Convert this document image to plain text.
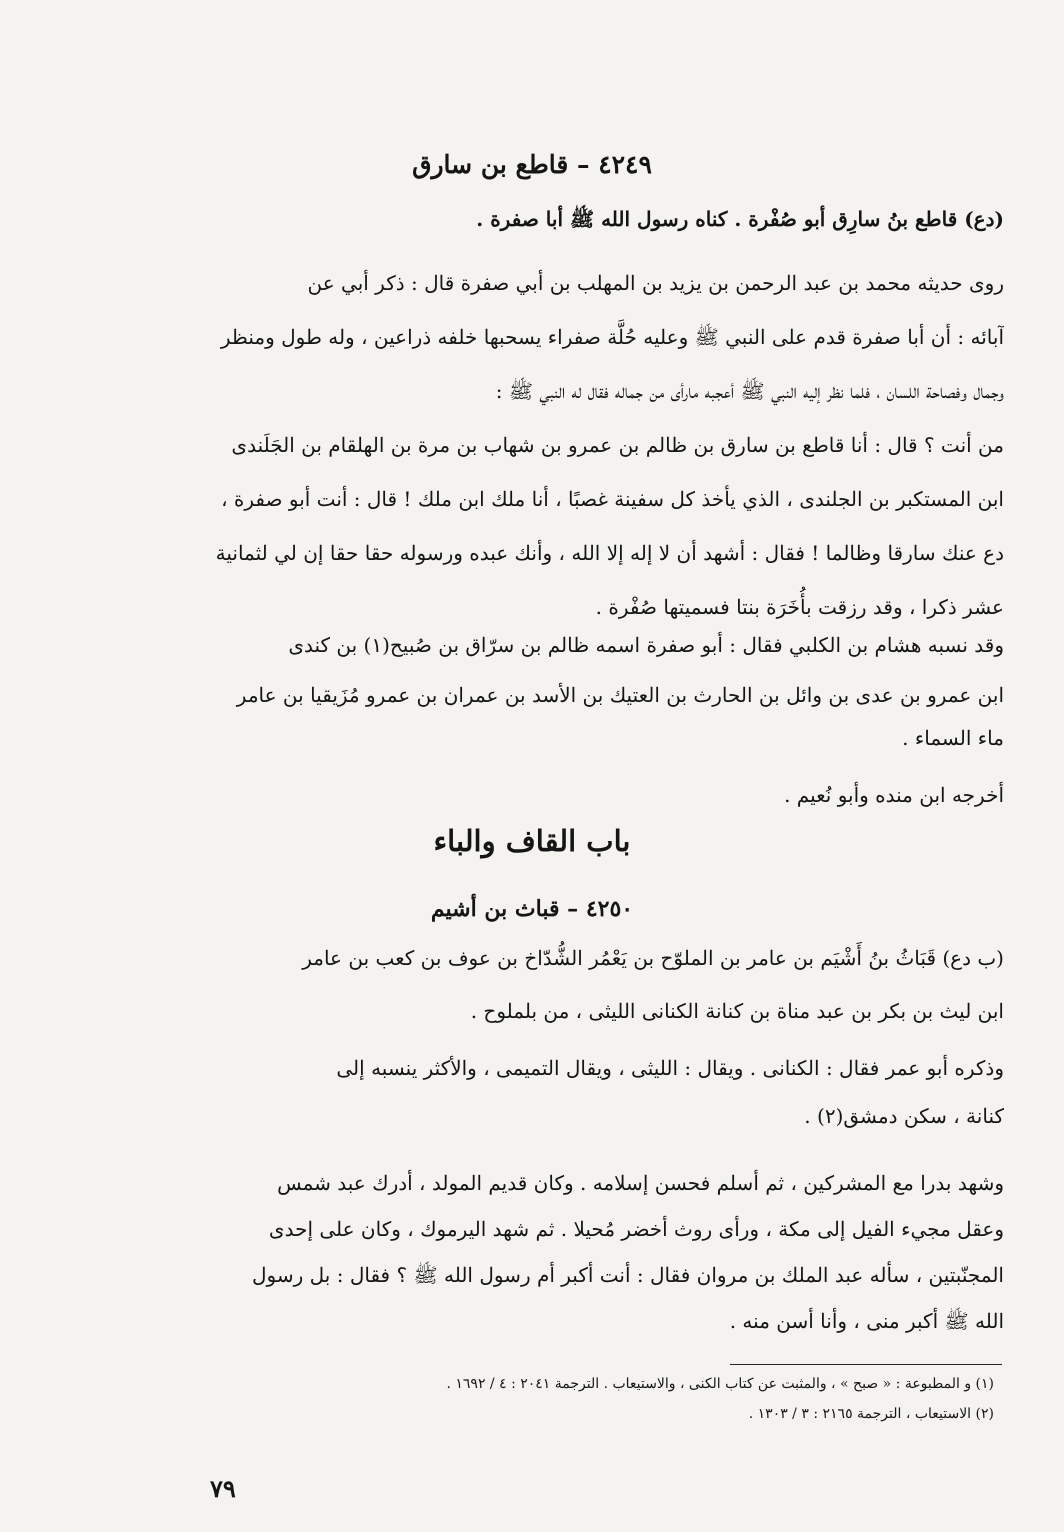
٤٢٤٩ – قاطع بن سارق
(دع) قاطع بنُ سارِق أبو صُفْرة . كناه رسول الله ﷺ أبا صفرة .
روى حديثه محمد بن عبد الرحمن بن يزيد بن المهلب بن أبي صفرة قال : ذكر أبي عن
آبائه : أن أبا صفرة قدم على النبي ﷺ وعليه حُلَّة صفراء يسحبها خلفه ذراعين ، وله طول ومنظر
وجمال وفصاحة اللسان ، فلما نظر إليه النبي ﷺ أعجبه مارأى من جماله فقال له النبي ﷺ :
من أنت ؟ قال : أنا قاطع بن سارق بن ظالم بن عمرو بن شهاب بن مرة بن الهلقام بن الجَلَندى
ابن المستكبر بن الجلندى ، الذي يأخذ كل سفينة غصبًا ، أنا ملك ابن ملك ! قال : أنت أبو صفرة ،
دع عنك سارقا وظالما ! فقال : أشهد أن لا إله إلا الله ، وأنك عبده ورسوله حقا حقا إن لي لثمانية
عشر ذكرا ، وقد رزقت بأُخَرَة بنتا فسميتها صُفْرة .
وقد نسبه هشام بن الكلبي فقال : أبو صفرة اسمه ظالم بن سرّاق بن صُبيح(١) بن كندى
ابن عمرو بن عدى بن وائل بن الحارث بن العتيك بن الأسد بن عمران بن عمرو مُزَيقيا بن عامر
ماء السماء .
أخرجه ابن منده وأبو نُعيم .
باب القاف والباء
٤٢٥٠ – قباث بن أشيم
(ب دع) قَبَاثُ بنُ أَشْيَم بن عامر بن الملوّح بن يَعْمُر الشُّدّاخ بن عوف بن كعب بن عامر
ابن ليث بن بكر بن عبد مناة بن كنانة الكنانى الليثى ، من بلملوح .
وذكره أبو عمر فقال : الكنانى . ويقال : الليثى ، ويقال التميمى ، والأكثر ينسبه إلى
كنانة ، سكن دمشق(٢) .
وشهد بدرا مع المشركين ، ثم أسلم فحسن إسلامه . وكان قديم المولد ، أدرك عبد شمس
وعقل مجيء الفيل إلى مكة ، ورأى روث أخضر مُحيلا . ثم شهد اليرموك ، وكان على إحدى
المجنّبتين ، سأله عبد الملك بن مروان فقال : أنت أكبر أم رسول الله ﷺ ؟ فقال : بل رسول
الله ﷺ أكبر منى ، وأنا أسن منه .
(١) و المطبوعة : « صبح » ، والمثبت عن كتاب الكنى ، والاستيعاب . الترجمة ٢٠٤١ : ٤ / ١٦٩٢ .
(٢) الاستيعاب ، الترجمة ٢١٦٥ : ٣ / ١٣٠٣ .
٧٩
